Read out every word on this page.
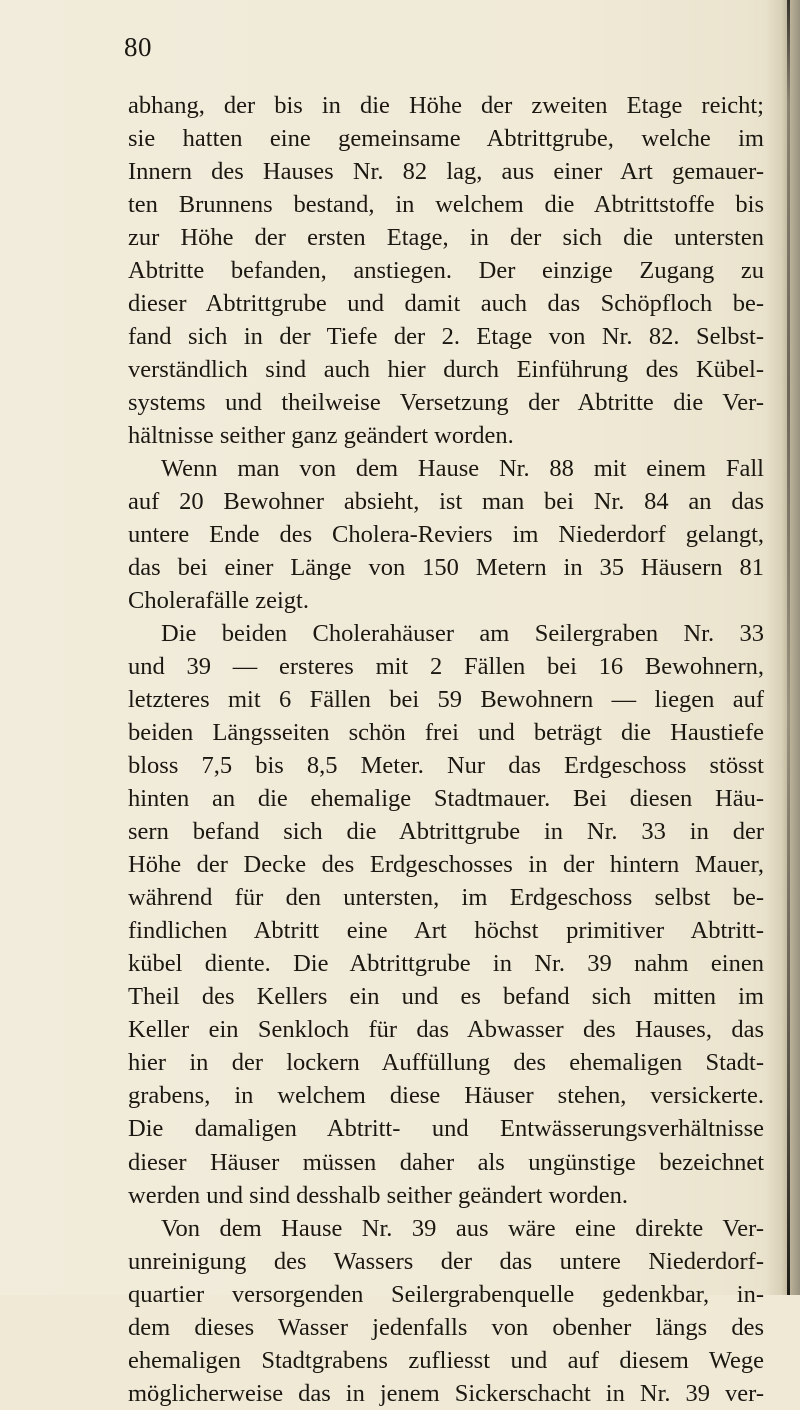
80
abhang, der bis in die Höhe der zweiten Etage reicht;
sie hatten eine gemeinsame Abtrittgrube, welche im
Innern des Hauses Nr. 82 lag, aus einer Art gemauer-
ten Brunnens bestand, in welchem die Abtrittstoffe bis
zur Höhe der ersten Etage, in der sich die untersten
Abtritte befanden, anstiegen. Der einzige Zugang zu
dieser Abtrittgrube und damit auch das Schöpfloch be-
fand sich in der Tiefe der 2. Etage von Nr. 82. Selbst-
verständlich sind auch hier durch Einführung des Kübel-
systems und theilweise Versetzung der Abtritte die Ver-
hältnisse seither ganz geändert worden.
Wenn man von dem Hause Nr. 88 mit einem Fall
auf 20 Bewohner absieht, ist man bei Nr. 84 an das
untere Ende des Cholera-Reviers im Niederdorf gelangt,
das bei einer Länge von 150 Metern in 35 Häusern 81
Cholerafälle zeigt.
Die beiden Cholerahäuser am Seilergraben Nr. 33
und 39 — ersteres mit 2 Fällen bei 16 Bewohnern,
letzteres mit 6 Fällen bei 59 Bewohnern — liegen auf
beiden Längsseiten schön frei und beträgt die Haustiefe
bloss 7,5 bis 8,5 Meter. Nur das Erdgeschoss stösst
hinten an die ehemalige Stadtmauer. Bei diesen Häu-
sern befand sich die Abtrittgrube in Nr. 33 in der
Höhe der Decke des Erdgeschosses in der hintern Mauer,
während für den untersten, im Erdgeschoss selbst be-
findlichen Abtritt eine Art höchst primitiver Abtritt-
kübel diente. Die Abtrittgrube in Nr. 39 nahm einen
Theil des Kellers ein und es befand sich mitten im
Keller ein Senkloch für das Abwasser des Hauses, das
hier in der lockern Auffüllung des ehemaligen Stadt-
grabens, in welchem diese Häuser stehen, versickerte.
Die damaligen Abtritt- und Entwässerungsverhältnisse
dieser Häuser müssen daher als ungünstige bezeichnet
werden und sind desshalb seither geändert worden.
Von dem Hause Nr. 39 aus wäre eine direkte Ver-
unreinigung des Wassers der das untere Niederdorf-
quartier versorgenden Seilergrabenquelle gedenkbar, in-
dem dieses Wasser jedenfalls von obenher längs des
ehemaligen Stadtgrabens zufliesst und auf diesem Wege
möglicherweise das in jenem Sickerschacht in Nr. 39 ver-
